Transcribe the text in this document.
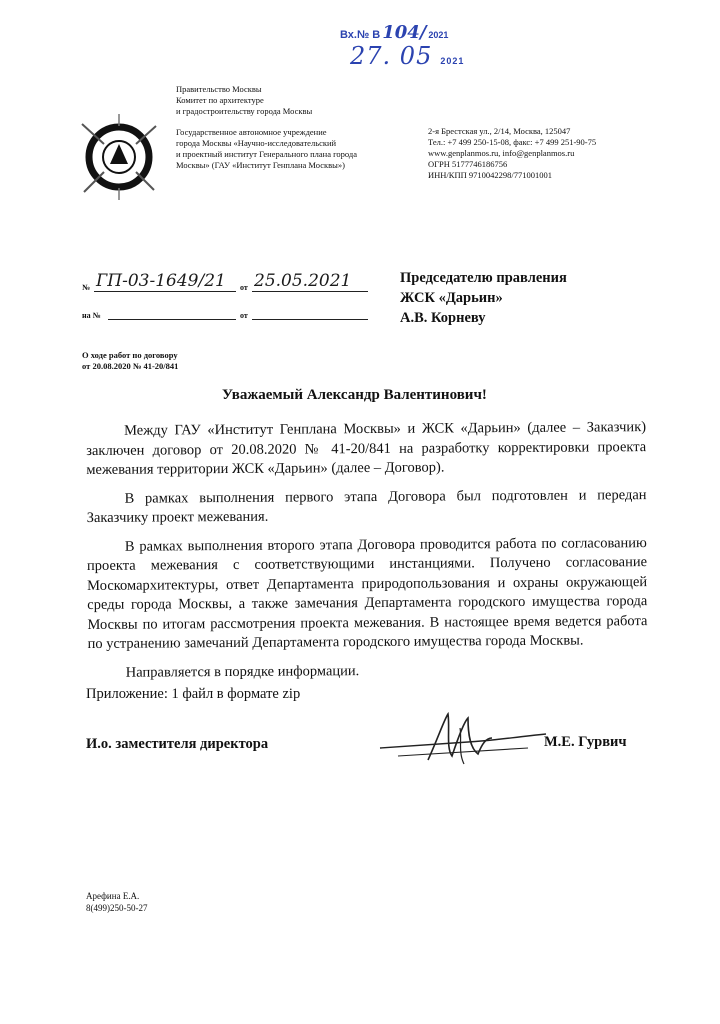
Вх.№ В 104/ 2021
27. 05 2021
Правительство Москвы
Комитет по архитектуре
и градостроительству города Москвы
Государственное автономное учреждение
города Москвы «Научно-исследовательский
и проектный институт Генерального плана города
Москвы» (ГАУ «Институт Генплана Москвы»)
2-я Брестская ул., 2/14, Москва, 125047
Тел.: +7 499 250-15-08, факс: +7 499 251-90-75
www.genplanmos.ru, info@genplanmos.ru
ОГРН 5177746186756
ИНН/КПП 9710042298/771001001
№ ГП-03-1649/21 от 25.05.2021
на №	от
Председателю правления
ЖСК «Дарьин»
А.В. Корневу
О ходе работ по договору
от 20.08.2020 № 41-20/841
Уважаемый Александр Валентинович!

Между ГАУ «Институт Генплана Москвы» и ЖСК «Дарьин» (далее – Заказчик) заключен договор от 20.08.2020 № 41-20/841 на разработку корректировки проекта межевания территории ЖСК «Дарьин» (далее – Договор).

В рамках выполнения первого этапа Договора был подготовлен и передан Заказчику проект межевания.

В рамках выполнения второго этапа Договора проводится работа по согласованию проекта межевания с соответствующими инстанциями. Получено согласование Москомархитектуры, ответ Департамента природопользования и охраны окружающей среды города Москвы, а также замечания Департамента городского имущества города Москвы по итогам рассмотрения проекта межевания. В настоящее время ведется работа по устранению замечаний Департамента городского имущества города Москвы.

Направляется в порядке информации.

Приложение: 1 файл в формате zip
И.о. заместителя директора	М.Е. Гурвич
Арефина Е.А.
8(499)250-50-27
